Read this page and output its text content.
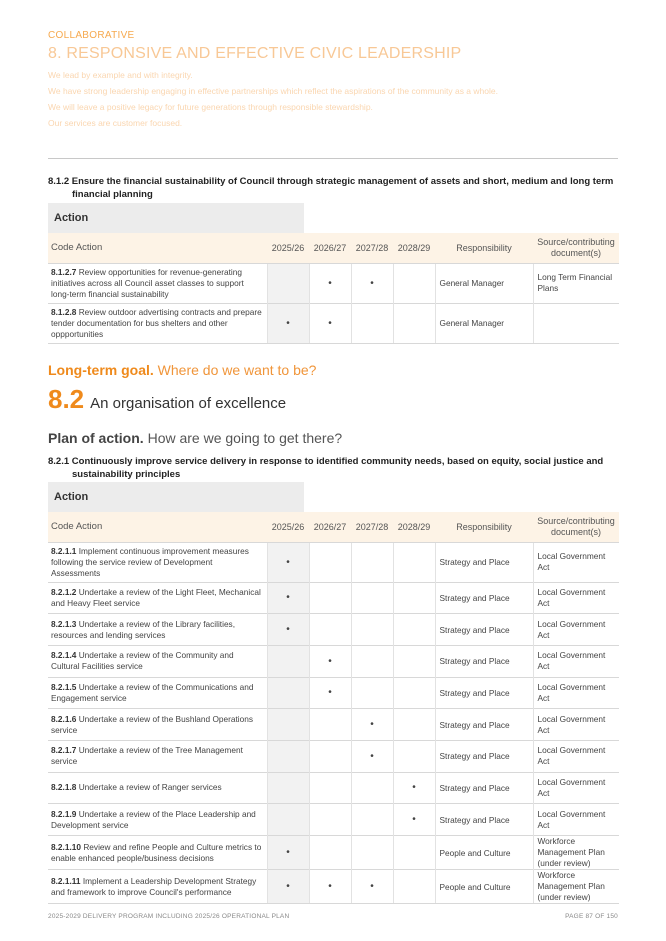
COLLABORATIVE
8. RESPONSIVE AND EFFECTIVE CIVIC LEADERSHIP
We lead by example and with integrity.
We have strong leadership engaging in effective partnerships which reflect the aspirations of the community as a whole.
We will leave a positive legacy for future generations through responsible stewardship.
Our services are customer focused.
8.1.2 Ensure the financial sustainability of Council through strategic management of assets and short, medium and long term
financial planning
Action
Code Action	2025/26	2026/27	2027/28	2028/29	Responsibility	Source/contributing document(s)
8.1.2.7 Review opportunities for revenue-generating initiatives across all Council asset classes to support long-term financial sustainability		•	•		General Manager	Long Term Financial Plans
8.1.2.8 Review outdoor advertising contracts and prepare tender documentation for bus shelters and other oppportunities	•	•			General Manager	
Long-term goal. Where do we want to be?
8.2 An organisation of excellence
Plan of action. How are we going to get there?
8.2.1 Continuously improve service delivery in response to identified community needs, based on equity, social justice and
sustainability principles
Action
Code Action	2025/26	2026/27	2027/28	2028/29	Responsibility	Source/contributing document(s)
8.2.1.1 Implement continuous improvement measures following the service review of Development Assessments	•				Strategy and Place	Local Government Act
8.2.1.2 Undertake a review of the Light Fleet, Mechanical and Heavy Fleet service	•				Strategy and Place	Local Government Act
8.2.1.3 Undertake a review of the Library facilities, resources and lending services	•				Strategy and Place	Local Government Act
8.2.1.4 Undertake a review of the Community and Cultural Facilities service		•			Strategy and Place	Local Government Act
8.2.1.5 Undertake a review of the Communications and Engagement service		•			Strategy and Place	Local Government Act
8.2.1.6 Undertake a review of the Bushland Operations service			•		Strategy and Place	Local Government Act
8.2.1.7 Undertake a review of the Tree Management service			•		Strategy and Place	Local Government Act
8.2.1.8 Undertake a review of Ranger services				•	Strategy and Place	Local Government Act
8.2.1.9 Undertake a review of the Place Leadership and Development service				•	Strategy and Place	Local Government Act
8.2.1.10 Review and refine People and Culture metrics to enable enhanced people/business decisions	•				People and Culture	Workforce Management Plan (under review)
8.2.1.11 Implement a Leadership Development Strategy and framework to improve Council's performance	•	•	•		People and Culture	Workforce Management Plan (under review)
2025-2029 DELIVERY PROGRAM INCLUDING 2025/26 OPERATIONAL PLAN	PAGE 87 OF 150
